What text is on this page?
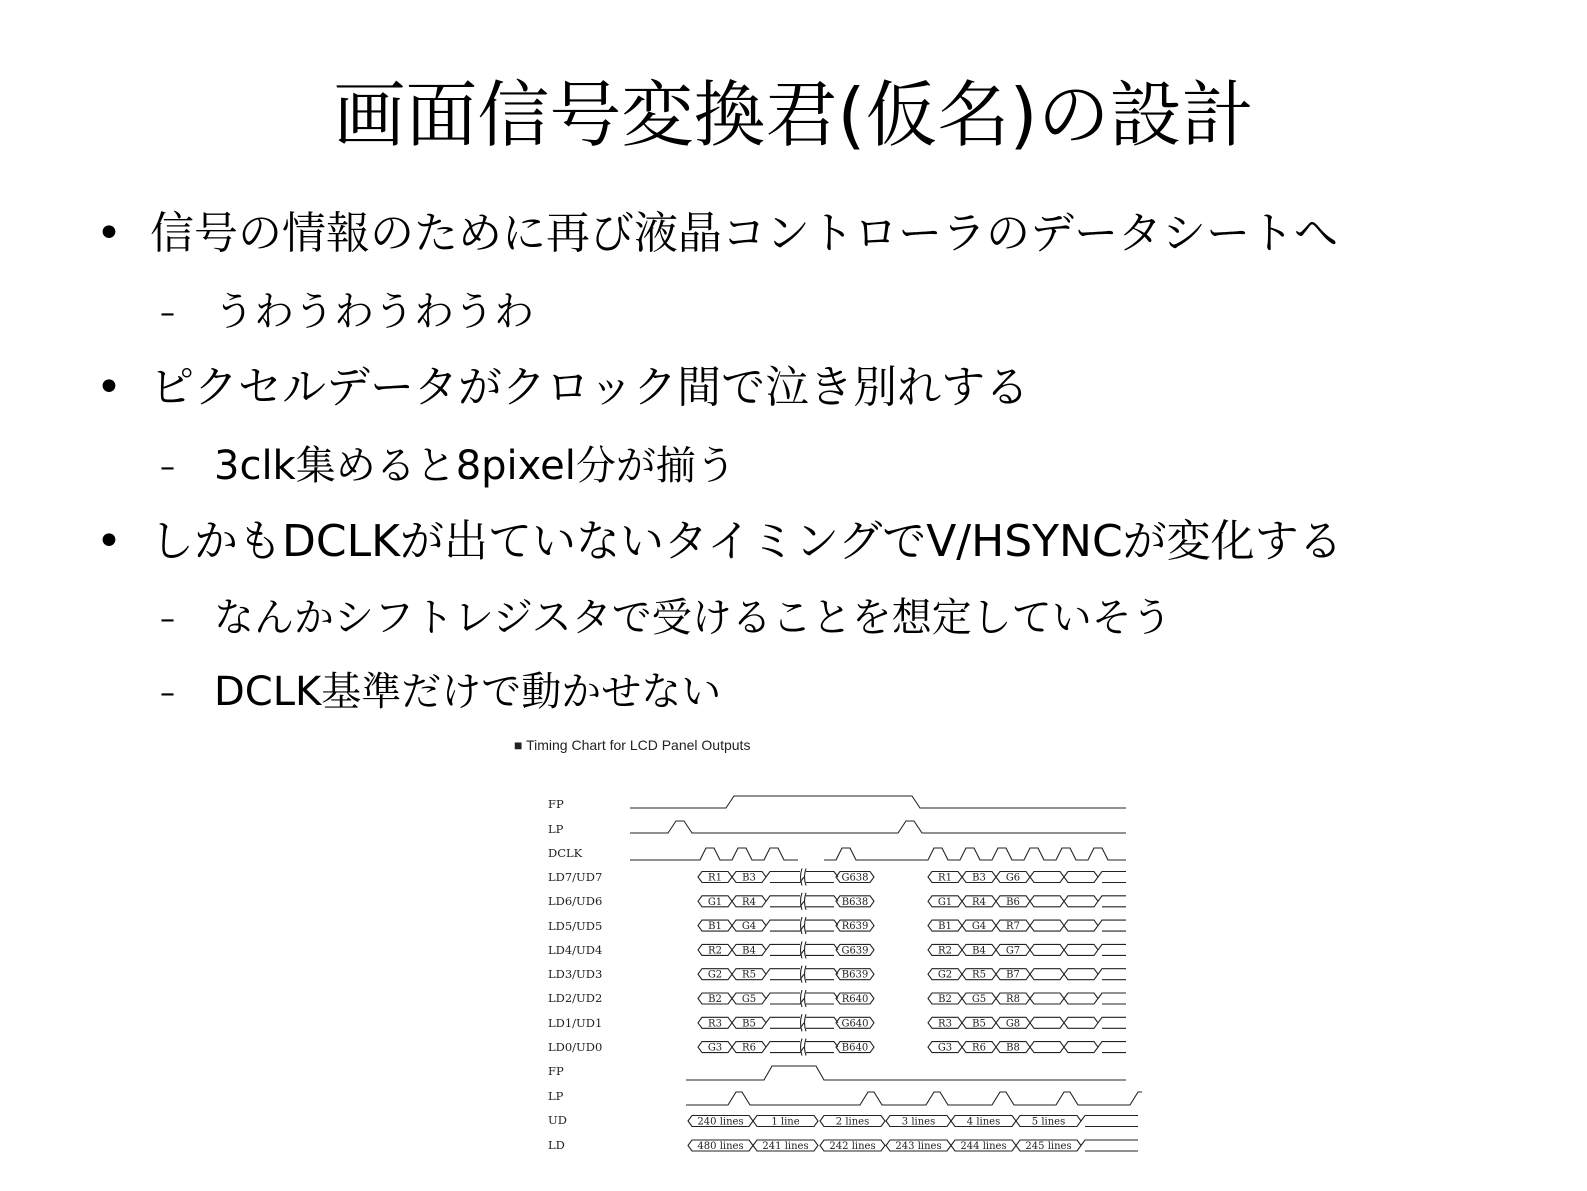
画面信号変換君(仮名)の設計
• 信号の情報のために再び液晶コントローラのデータシートへ
– うわうわうわうわ
• ピクセルデータがクロック間で泣き別れする
– 3clk集めると8pixel分が揃う
• しかもDCLKが出ていないタイミングでV/HSYNCが変化する
– なんかシフトレジスタで受けることを想定していそう
– DCLK基準だけで動かせない
■ Timing Chart for LCD Panel Outputs
FP
LP
DCLK
LD7/UD7
LD6/UD6
LD5/UD5
LD4/UD4
LD3/UD3
LD2/UD2
LD1/UD1
LD0/UD0
FP
LP
UD
LD
R1 B3	G638	R1 B3 G6
G1 R4	B638	G1 R4 B6
B1 G4	R639	B1 G4 R7
R2 B4	G639	R2 B4 G7
G2 R5	B639	G2 R5 B7
B2 G5	R640	B2 G5 R8
R3 B5	G640	R3 B5 G8
G3 R6	B640	G3 R6 B8
240 lines	1 line	2 lines	3 lines	4 lines	5 lines
480 lines 241 lines 242 lines 243 lines 244 lines 245 lines
